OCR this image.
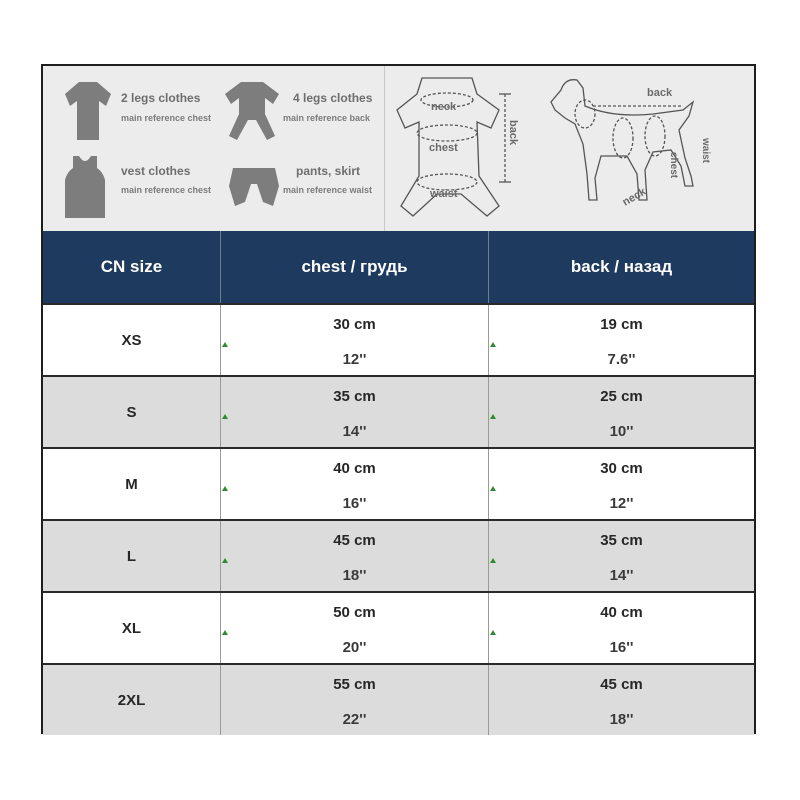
2 legs clothes
main reference chest
4 legs clothes
main reference back
vest clothes
main reference chest
pants, skirt
main reference waist
neck
chest
waist
back
back
neck
chest
waist
CN size	chest / грудь	back / назад
XS
30 cm
12''
19 cm
7.6''
S
35 cm
14''
25 cm
10''
M
40 cm
16''
30 cm
12''
L
45 cm
18''
35 cm
14''
XL
50 cm
20''
40 cm
16''
2XL
55 cm
22''
45 cm
18''
